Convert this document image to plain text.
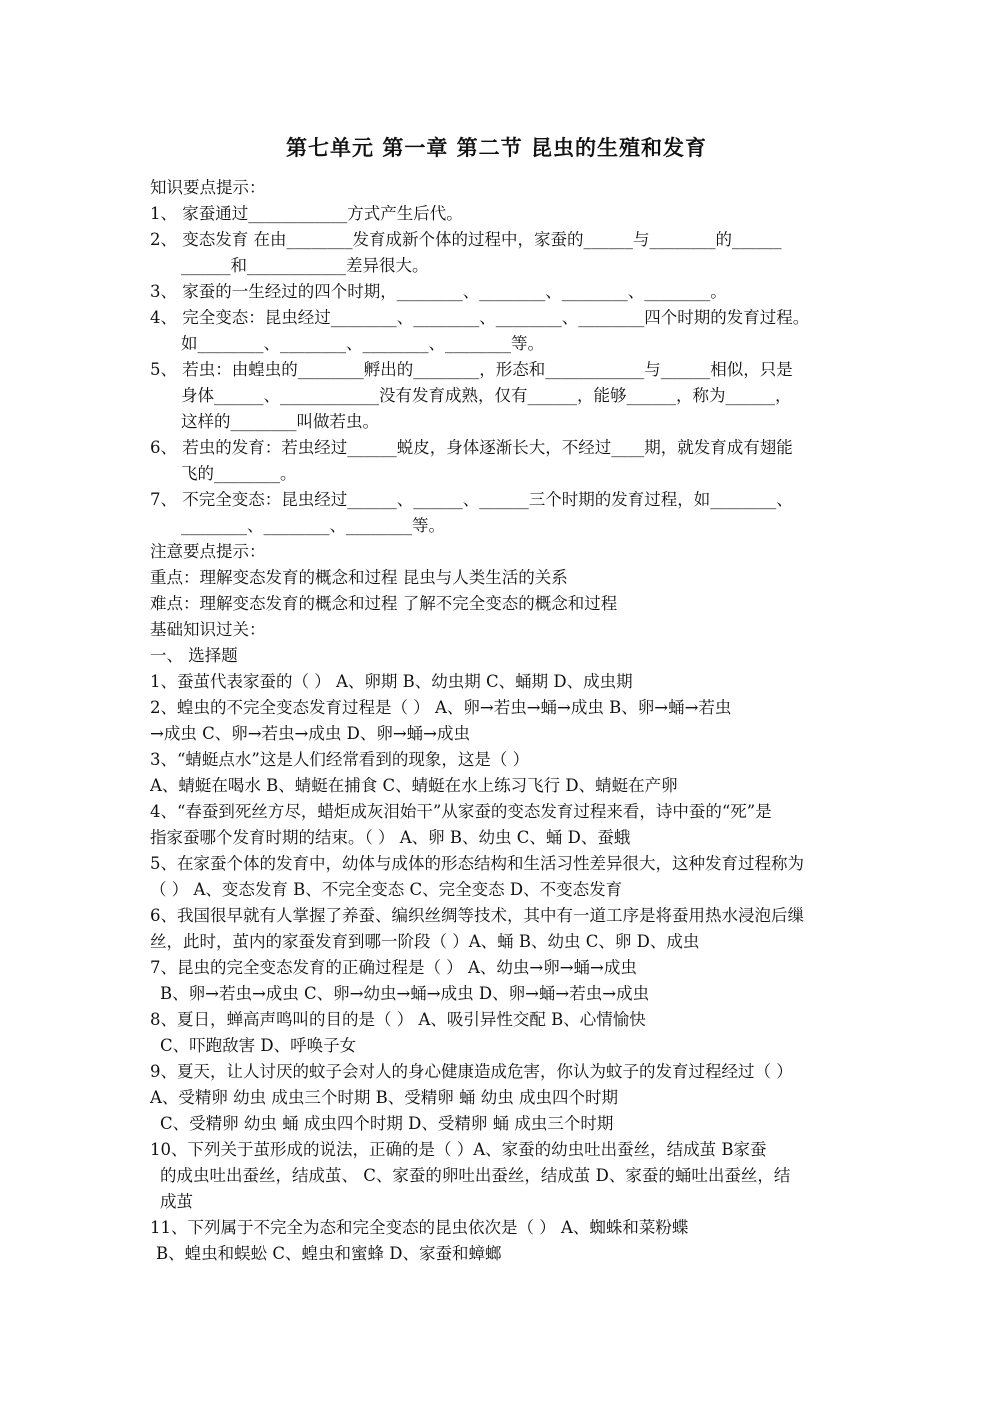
第七单元 第一章 第二节 昆虫的生殖和发育
知识要点提示：
1、 家蚕通过____________方式产生后代。
2、 变态发育 在由________发育成新个体的过程中，家蚕的______与________的______
______和____________差异很大。
3、 家蚕的一生经过的四个时期，________、________、________、________。
4、 完全变态：昆虫经过________、________、________、________四个时期的发育过程。
如________、________、________、________等。
5、 若虫：由蝗虫的________孵出的________，形态和____________与______相似，只是
身体______、____________没有发育成熟，仅有______，能够______，称为______，
这样的________叫做若虫。
6、 若虫的发育：若虫经过______蜕皮，身体逐渐长大，不经过____期，就发育成有翅能
飞的________。
7、 不完全变态：昆虫经过______、______、______三个时期的发育过程，如________、
________、________、________等。
注意要点提示：
重点：理解变态发育的概念和过程 昆虫与人类生活的关系
难点：理解变态发育的概念和过程 了解不完全变态的概念和过程
基础知识过关：
一、 选择题
1、蚕茧代表家蚕的（ ） A、卵期 B、幼虫期 C、蛹期 D、成虫期
2、蝗虫的不完全变态发育过程是（ ） A、卵→若虫→蛹→成虫 B、卵→蛹→若虫
→成虫 C、卵→若虫→成虫 D、卵→蛹→成虫
3、“蜻蜓点水”这是人们经常看到的现象，这是（ ）
A、蜻蜓在喝水 B、蜻蜓在捕食 C、蜻蜓在水上练习飞行 D、蜻蜓在产卵
4、“春蚕到死丝方尽，蜡炬成灰泪始干”从家蚕的变态发育过程来看，诗中蚕的“死”是
指家蚕哪个发育时期的结束。（ ） A、卵 B、幼虫 C、蛹 D、蚕蛾
5、在家蚕个体的发育中，幼体与成体的形态结构和生活习性差异很大，这种发育过程称为
（ ） A、变态发育 B、不完全变态 C、完全变态 D、不变态发育
6、我国很早就有人掌握了养蚕、编织丝绸等技术，其中有一道工序是将蚕用热水浸泡后缫
丝，此时，茧内的家蚕发育到哪一阶段（ ）A、蛹 B、幼虫 C、卵 D、成虫
7、昆虫的完全变态发育的正确过程是（ ） A、幼虫→卵→蛹→成虫
B、卵→若虫→成虫 C、卵→幼虫→蛹→成虫 D、卵→蛹→若虫→成虫
8、夏日，蝉高声鸣叫的目的是（ ） A、吸引异性交配 B、心情愉快
C、吓跑敌害 D、呼唤子女
9、夏天，让人讨厌的蚊子会对人的身心健康造成危害，你认为蚊子的发育过程经过（ ）
A、受精卵 幼虫 成虫三个时期 B、受精卵 蛹 幼虫 成虫四个时期
C、受精卵 幼虫 蛹 成虫四个时期 D、受精卵 蛹 成虫三个时期
10、下列关于茧形成的说法，正确的是（ ）A、家蚕的幼虫吐出蚕丝，结成茧 B家蚕
的成虫吐出蚕丝，结成茧、 C、家蚕的卵吐出蚕丝，结成茧 D、家蚕的蛹吐出蚕丝，结
成茧
11、下列属于不完全为态和完全变态的昆虫依次是（ ） A、蜘蛛和菜粉蝶
B、蝗虫和蜈蚣 C、蝗虫和蜜蜂 D、家蚕和蟑螂
